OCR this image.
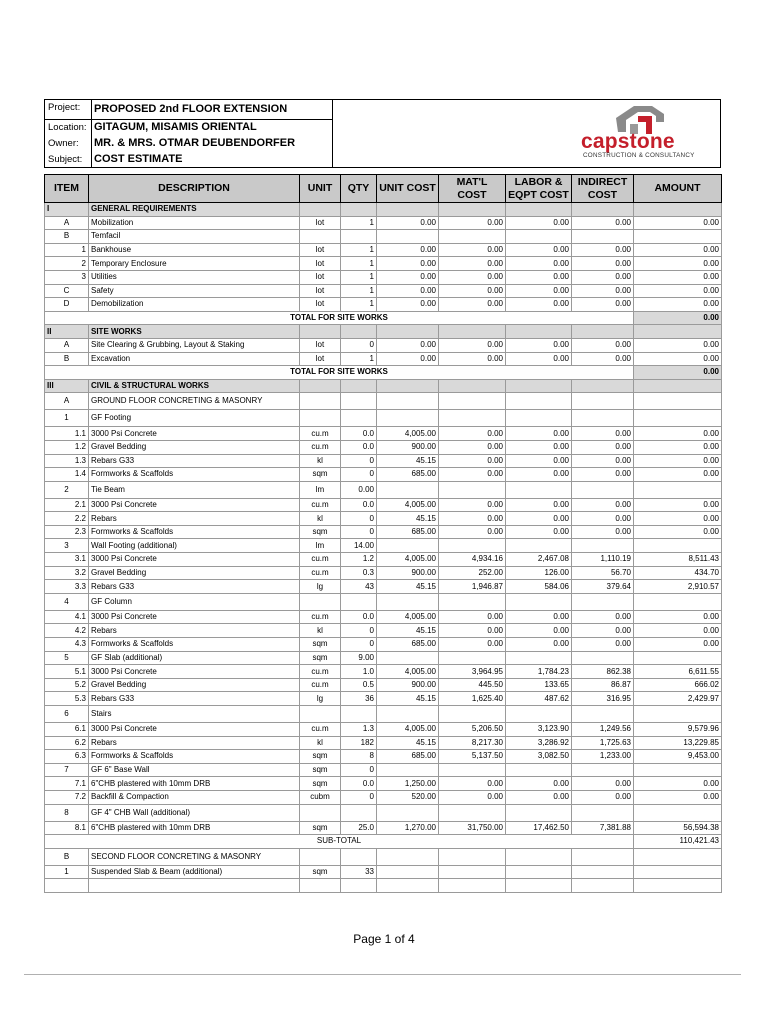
Project: PROPOSED 2nd FLOOR EXTENSION
Location: GITAGUM, MISAMIS ORIENTAL
Owner: MR. & MRS. OTMAR DEUBENDORFER
Subject: COST ESTIMATE
capstone
CONSTRUCTION & CONSULTANCY
ITEM	DESCRIPTION	UNIT	QTY	UNIT COST	MAT'L COST	LABOR & EQPT COST	INDIRECT COST	AMOUNT
I	GENERAL REQUIREMENTS							
A	Mobilization	lot	1	0.00	0.00	0.00	0.00	0.00
B	Temfacil							
1	Bankhouse	lot	1	0.00	0.00	0.00	0.00	0.00
2	Temporary Enclosure	lot	1	0.00	0.00	0.00	0.00	0.00
3	Utilities	lot	1	0.00	0.00	0.00	0.00	0.00
C	Safety	lot	1	0.00	0.00	0.00	0.00	0.00
D	Demobilization	lot	1	0.00	0.00	0.00	0.00	0.00
TOTAL FOR SITE WORKS								0.00
II	SITE WORKS							
A	Site Clearing & Grubbing, Layout & Staking	lot	0	0.00	0.00	0.00	0.00	0.00
B	Excavation	lot	1	0.00	0.00	0.00	0.00	0.00
TOTAL FOR SITE WORKS								0.00
III	CIVIL & STRUCTURAL WORKS							
A	GROUND FLOOR CONCRETING & MASONRY							
1	GF Footing							
1.1	3000 Psi Concrete	cu.m	0.0	4,005.00	0.00	0.00	0.00	0.00
1.2	Gravel Bedding	cu.m	0.0	900.00	0.00	0.00	0.00	0.00
1.3	Rebars G33	kl	0	45.15	0.00	0.00	0.00	0.00
1.4	Formworks & Scaffolds	sqm	0	685.00	0.00	0.00	0.00	0.00
2	Tie Beam	lm	0.00					
2.1	3000 Psi Concrete	cu.m	0.0	4,005.00	0.00	0.00	0.00	0.00
2.2	Rebars	kl	0	45.15	0.00	0.00	0.00	0.00
2.3	Formworks & Scaffolds	sqm	0	685.00	0.00	0.00	0.00	0.00
3	Wall Footing (additional)	lm	14.00					
3.1	3000 Psi Concrete	cu.m	1.2	4,005.00	4,934.16	2,467.08	1,110.19	8,511.43
3.2	Gravel Bedding	cu.m	0.3	900.00	252.00	126.00	56.70	434.70
3.3	Rebars G33	lg	43	45.15	1,946.87	584.06	379.64	2,910.57
4	GF Column							
4.1	3000 Psi Concrete	cu.m	0.0	4,005.00	0.00	0.00	0.00	0.00
4.2	Rebars	kl	0	45.15	0.00	0.00	0.00	0.00
4.3	Formworks & Scaffolds	sqm	0	685.00	0.00	0.00	0.00	0.00
5	GF Slab (additional)	sqm	9.00					
5.1	3000 Psi Concrete	cu.m	1.0	4,005.00	3,964.95	1,784.23	862.38	6,611.55
5.2	Gravel Bedding	cu.m	0.5	900.00	445.50	133.65	86.87	666.02
5.3	Rebars G33	lg	36	45.15	1,625.40	487.62	316.95	2,429.97
6	Stairs							
6.1	3000 Psi Concrete	cu.m	1.3	4,005.00	5,206.50	3,123.90	1,249.56	9,579.96
6.2	Rebars	kl	182	45.15	8,217.30	3,286.92	1,725.63	13,229.85
6.3	Formworks & Scaffolds	sqm	8	685.00	5,137.50	3,082.50	1,233.00	9,453.00
7	GF 6" Base Wall	sqm	0					
7.1	6"CHB plastered with 10mm DRB	sqm	0.0	1,250.00	0.00	0.00	0.00	0.00
7.2	Backfill & Compaction	cubm	0	520.00	0.00	0.00	0.00	0.00
8	GF 4" CHB Wall (additional)							
8.1	6"CHB plastered with 10mm DRB	sqm	25.0	1,270.00	31,750.00	17,462.50	7,381.88	56,594.38
SUB-TOTAL								110,421.43
B	SECOND FLOOR CONCRETING & MASONRY							
1	Suspended Slab & Beam (additional)	sqm	33					

Page 1 of 4
